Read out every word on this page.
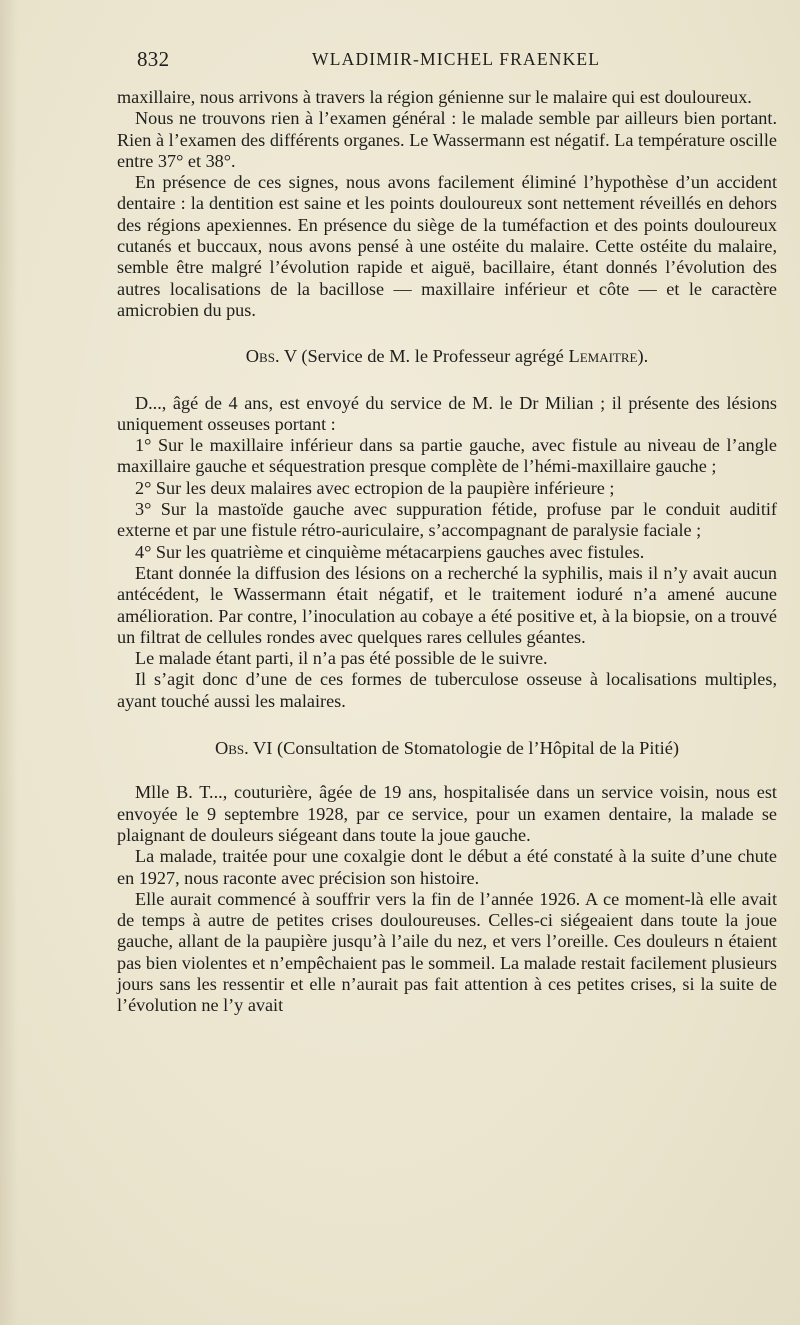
832	WLADIMIR-MICHEL FRAENKEL

maxillaire, nous arrivons à travers la région génienne sur le malaire qui est douloureux.

Nous ne trouvons rien à l’examen général : le malade semble par ailleurs bien portant. Rien à l’examen des différents organes. Le Wassermann est négatif. La température oscille entre 37° et 38°.

En présence de ces signes, nous avons facilement éliminé l’hypothèse d’un accident dentaire : la dentition est saine et les points douloureux sont nettement réveillés en dehors des régions apexiennes. En présence du siège de la tuméfaction et des points douloureux cutanés et buccaux, nous avons pensé à une ostéite du malaire. Cette ostéite du malaire, semble être malgré l’évolution rapide et aiguë, bacillaire, étant donnés l’évolution des autres localisations de la bacillose — maxillaire inférieur et côte — et le caractère amicrobien du pus.

Obs. V (Service de M. le Professeur agrégé Lemaitre).

D..., âgé de 4 ans, est envoyé du service de M. le Dr Milian ; il présente des lésions uniquement osseuses portant :

1° Sur le maxillaire inférieur dans sa partie gauche, avec fistule au niveau de l’angle maxillaire gauche et séquestration presque complète de l’hémi-maxillaire gauche ;

2° Sur les deux malaires avec ectropion de la paupière inférieure ;

3° Sur la mastoïde gauche avec suppuration fétide, profuse par le conduit auditif externe et par une fistule rétro-auriculaire, s’accompagnant de paralysie faciale ;

4° Sur les quatrième et cinquième métacarpiens gauches avec fistules.

Etant donnée la diffusion des lésions on a recherché la syphilis, mais il n’y avait aucun antécédent, le Wassermann était négatif, et le traitement ioduré n’a amené aucune amélioration. Par contre, l’inoculation au cobaye a été positive et, à la biopsie, on a trouvé un filtrat de cellules rondes avec quelques rares cellules géantes.

Le malade étant parti, il n’a pas été possible de le suivre.

Il s’agit donc d’une de ces formes de tuberculose osseuse à localisations multiples, ayant touché aussi les malaires.

Obs. VI (Consultation de Stomatologie de l’Hôpital de la Pitié)

Mlle B. T..., couturière, âgée de 19 ans, hospitalisée dans un service voisin, nous est envoyée le 9 septembre 1928, par ce service, pour un examen dentaire, la malade se plaignant de douleurs siégeant dans toute la joue gauche.

La malade, traitée pour une coxalgie dont le début a été constaté à la suite d’une chute en 1927, nous raconte avec précision son histoire.

Elle aurait commencé à souffrir vers la fin de l’année 1926. A ce moment-là elle avait de temps à autre de petites crises douloureuses. Celles-ci siégeaient dans toute la joue gauche, allant de la paupière jusqu’à l’aile du nez, et vers l’oreille. Ces douleurs n étaient pas bien violentes et n’empêchaient pas le sommeil. La malade restait facilement plusieurs jours sans les ressentir et elle n’aurait pas fait attention à ces petites crises, si la suite de l’évolution ne l’y avait
